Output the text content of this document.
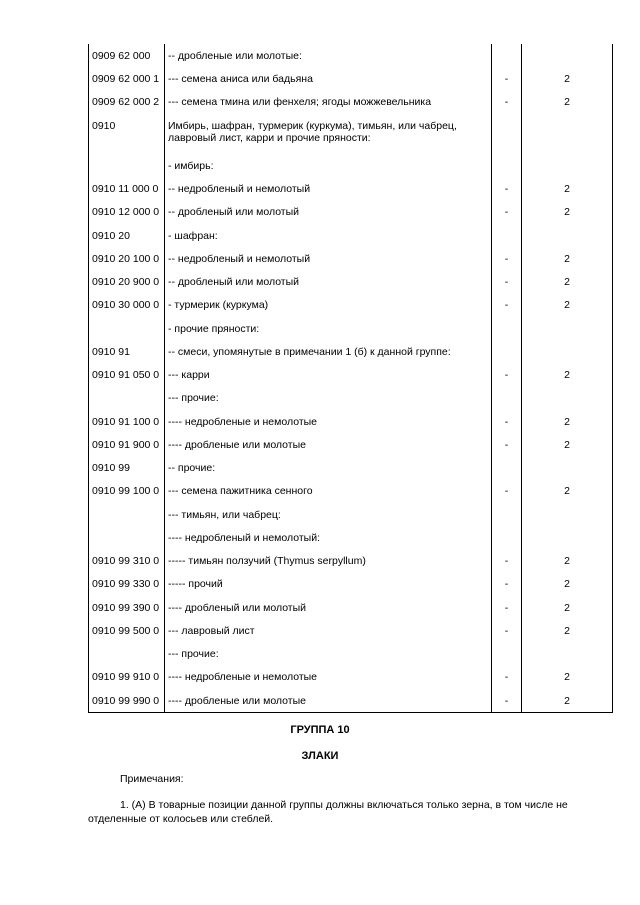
0909 62 000	-- дробленые или молотые:		
0909 62 000 1	--- семена аниса или бадьяна	-	2
0909 62 000 2	--- семена тмина или фенхеля; ягоды можжевельника	-	2
0910	Имбирь, шафран, турмерик (куркума), тимьян, или чабрец, лавровый лист, карри и прочие пряности:		
	- имбирь:		
0910 11 000 0	-- недробленый и немолотый	-	2
0910 12 000 0	-- дробленый или молотый	-	2
0910 20	- шафран:		
0910 20 100 0	-- недробленый и немолотый	-	2
0910 20 900 0	-- дробленый или молотый	-	2
0910 30 000 0	- турмерик (куркума)	-	2
	- прочие пряности:		
0910 91	-- смеси, упомянутые в примечании 1 (б) к данной группе:		
0910 91 050 0	--- карри	-	2
	--- прочие:		
0910 91 100 0	---- недробленые и немолотые	-	2
0910 91 900 0	---- дробленые или молотые	-	2
0910 99	-- прочие:		
0910 99 100 0	--- семена пажитника сенного	-	2
	--- тимьян, или чабрец:		
	---- недробленый и немолотый:		
0910 99 310 0	----- тимьян ползучий (Thymus serpyllum)	-	2
0910 99 330 0	----- прочий	-	2
0910 99 390 0	---- дробленый или молотый	-	2
0910 99 500 0	--- лавровый лист	-	2
	--- прочие:		
0910 99 910 0	---- недробленые и немолотые	-	2
0910 99 990 0	---- дробленые или молотые	-	2
ГРУППА 10
ЗЛАКИ
Примечания:
1. (А) В товарные позиции данной группы должны включаться только зерна, в том числе не отделенные от колосьев или стеблей.
